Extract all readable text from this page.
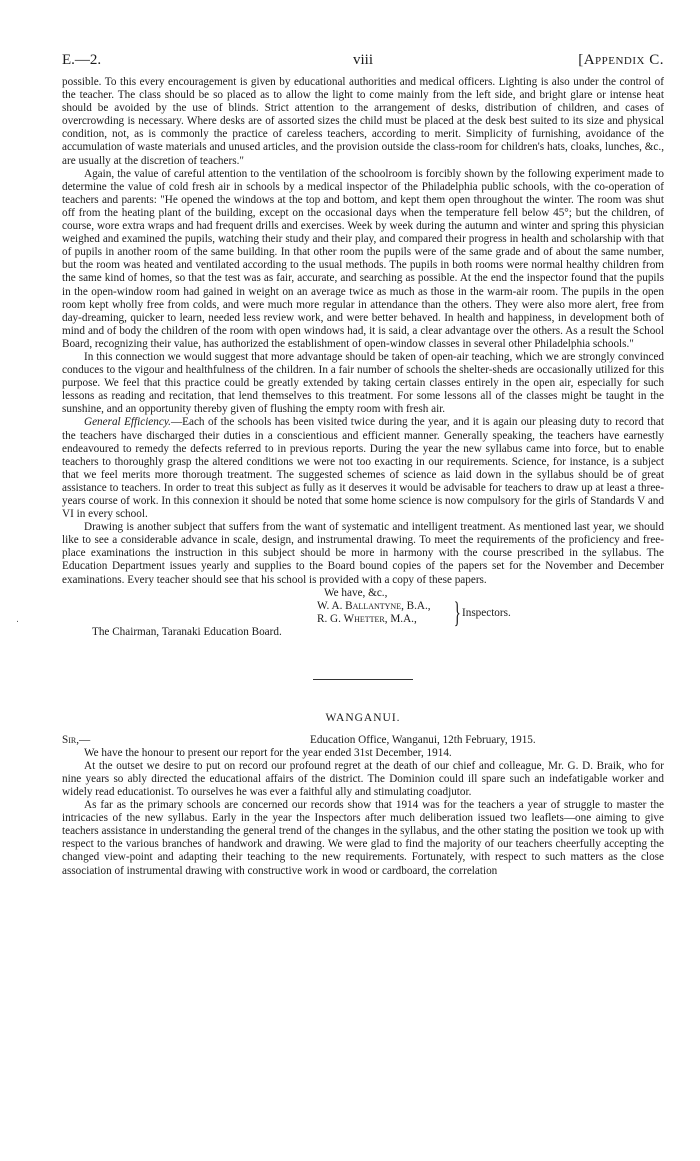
E.—2.	viii	[Appendix C.

possible. To this every encouragement is given by educational authorities and medical officers. Lighting is also under the control of the teacher. The class should be so placed as to allow the light to come mainly from the left side, and bright glare or intense heat should be avoided by the use of blinds. Strict attention to the arrangement of desks, distribution of children, and cases of overcrowding is necessary. Where desks are of assorted sizes the child must be placed at the desk best suited to its size and physical condition, not, as is commonly the practice of careless teachers, according to merit. Simplicity of furnishing, avoidance of the accumulation of waste materials and unused articles, and the provision outside the class-room for children's hats, cloaks, lunches, &c., are usually at the discretion of teachers."

Again, the value of careful attention to the ventilation of the schoolroom is forcibly shown by the following experiment made to determine the value of cold fresh air in schools by a medical inspector of the Philadelphia public schools, with the co-operation of teachers and parents: "He opened the windows at the top and bottom, and kept them open throughout the winter. The room was shut off from the heating plant of the building, except on the occasional days when the temperature fell below 45°; but the children, of course, wore extra wraps and had frequent drills and exercises. Week by week during the autumn and winter and spring this physician weighed and examined the pupils, watching their study and their play, and compared their progress in health and scholarship with that of pupils in another room of the same building. In that other room the pupils were of the same grade and of about the same number, but the room was heated and ventilated according to the usual methods. The pupils in both rooms were normal healthy children from the same kind of homes, so that the test was as fair, accurate, and searching as possible. At the end the inspector found that the pupils in the open-window room had gained in weight on an average twice as much as those in the warm-air room. The pupils in the open room kept wholly free from colds, and were much more regular in attendance than the others. They were also more alert, free from day-dreaming, quicker to learn, needed less review work, and were better behaved. In health and happiness, in development both of mind and of body the children of the room with open windows had, it is said, a clear advantage over the others. As a result the School Board, recognizing their value, has authorized the establishment of open-window classes in several other Philadelphia schools."

In this connection we would suggest that more advantage should be taken of open-air teaching, which we are strongly convinced conduces to the vigour and healthfulness of the children. In a fair number of schools the shelter-sheds are occasionally utilized for this purpose. We feel that this practice could be greatly extended by taking certain classes entirely in the open air, especially for such lessons as reading and recitation, that lend themselves to this treatment. For some lessons all of the classes might be taught in the sunshine, and an opportunity thereby given of flushing the empty room with fresh air.

General Efficiency.—Each of the schools has been visited twice during the year, and it is again our pleasing duty to record that the teachers have discharged their duties in a conscientious and efficient manner. Generally speaking, the teachers have earnestly endeavoured to remedy the defects referred to in previous reports. During the year the new syllabus came into force, but to enable teachers to thoroughly grasp the altered conditions we were not too exacting in our requirements. Science, for instance, is a subject that we feel merits more thorough treatment. The suggested schemes of science as laid down in the syllabus should be of great assistance to teachers. In order to treat this subject as fully as it deserves it would be advisable for teachers to draw up at least a three-years course of work. In this connexion it should be noted that some home science is now compulsory for the girls of Standards V and VI in every school.

Drawing is another subject that suffers from the want of systematic and intelligent treatment. As mentioned last year, we should like to see a considerable advance in scale, design, and instrumental drawing. To meet the requirements of the proficiency and free-place examinations the instruction in this subject should be more in harmony with the course prescribed in the syllabus. The Education Department issues yearly and supplies to the Board bound copies of the papers set for the November and December examinations. Every teacher should see that his school is provided with a copy of these papers.

We have, &c.,
W. A. Ballantyne, B.A.,
R. G. Whetter, M.A., } Inspectors.
The Chairman, Taranaki Education Board.
WANGANUI.
Sir,—	Education Office, Wanganui, 12th February, 1915.

We have the honour to present our report for the year ended 31st December, 1914.

At the outset we desire to put on record our profound regret at the death of our chief and colleague, Mr. G. D. Braik, who for nine years so ably directed the educational affairs of the district. The Dominion could ill spare such an indefatigable worker and widely read educationist. To ourselves he was ever a faithful ally and stimulating coadjutor.

As far as the primary schools are concerned our records show that 1914 was for the teachers a year of struggle to master the intricacies of the new syllabus. Early in the year the Inspectors after much deliberation issued two leaflets—one aiming to give teachers assistance in understanding the general trend of the changes in the syllabus, and the other stating the position we took up with respect to the various branches of handwork and drawing. We were glad to find the majority of our teachers cheerfully accepting the changed view-point and adapting their teaching to the new requirements. Fortunately, with respect to such matters as the close association of instrumental drawing with constructive work in wood or cardboard, the correlation

ᐧ
